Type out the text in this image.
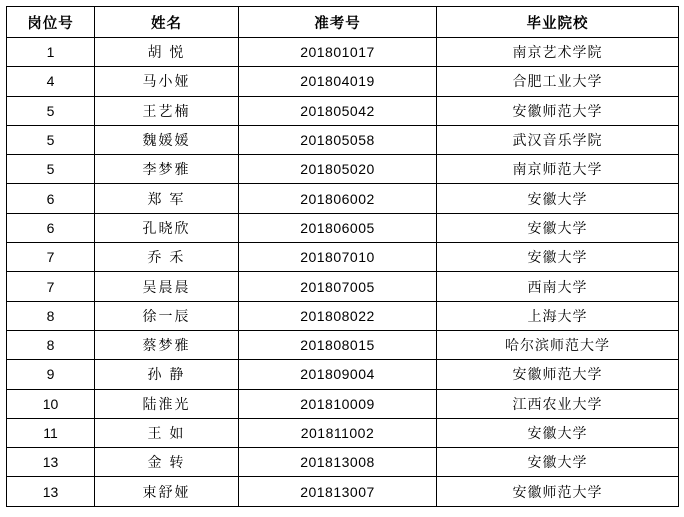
岗位号	姓名	准考号	毕业院校
1	胡 悦	201801017	南京艺术学院
4	马小娅	201804019	合肥工业大学
5	王艺楠	201805042	安徽师范大学
5	魏媛媛	201805058	武汉音乐学院
5	李梦雅	201805020	南京师范大学
6	郑 军	201806002	安徽大学
6	孔晓欣	201806005	安徽大学
7	乔 禾	201807010	安徽大学
7	吴晨晨	201807005	西南大学
8	徐一辰	201808022	上海大学
8	蔡梦雅	201808015	哈尔滨师范大学
9	孙 静	201809004	安徽师范大学
10	陆淮光	201810009	江西农业大学
11	王 如	201811002	安徽大学
13	金 转	201813008	安徽大学
13	束舒娅	201813007	安徽师范大学
